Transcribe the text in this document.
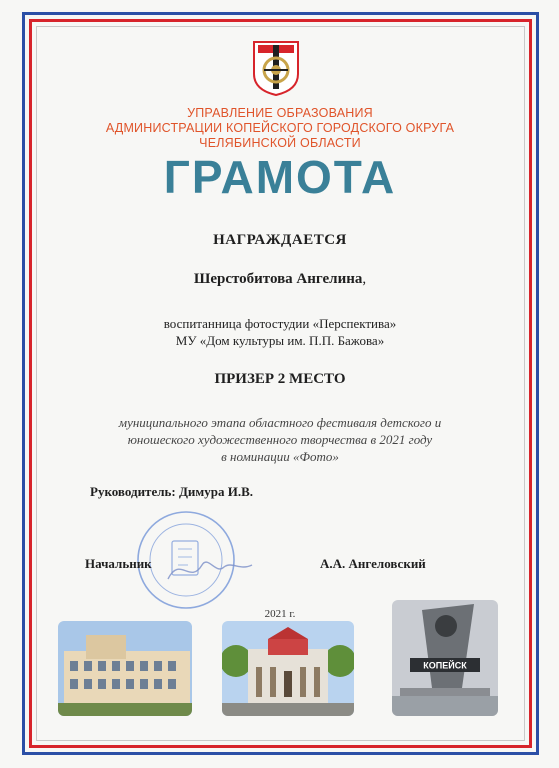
УПРАВЛЕНИЕ ОБРАЗОВАНИЯ
АДМИНИСТРАЦИИ КОПЕЙСКОГО ГОРОДСКОГО ОКРУГА
ЧЕЛЯБИНСКОЙ ОБЛАСТИ
ГРАМОТА
НАГРАЖДАЕТСЯ
Шерстобитова Ангелина,
воспитанница фотостудии «Перспектива»
МУ «Дом культуры им. П.П. Бажова»
ПРИЗЕР 2 МЕСТО
муниципального этапа областного фестиваля детского и
юношеского художественного творчества в 2021 году
в номинации «Фото»
Руководитель: Димура И.В.
Начальник	А.А. Ангеловский
2021 г.
КОПЕЙСК
